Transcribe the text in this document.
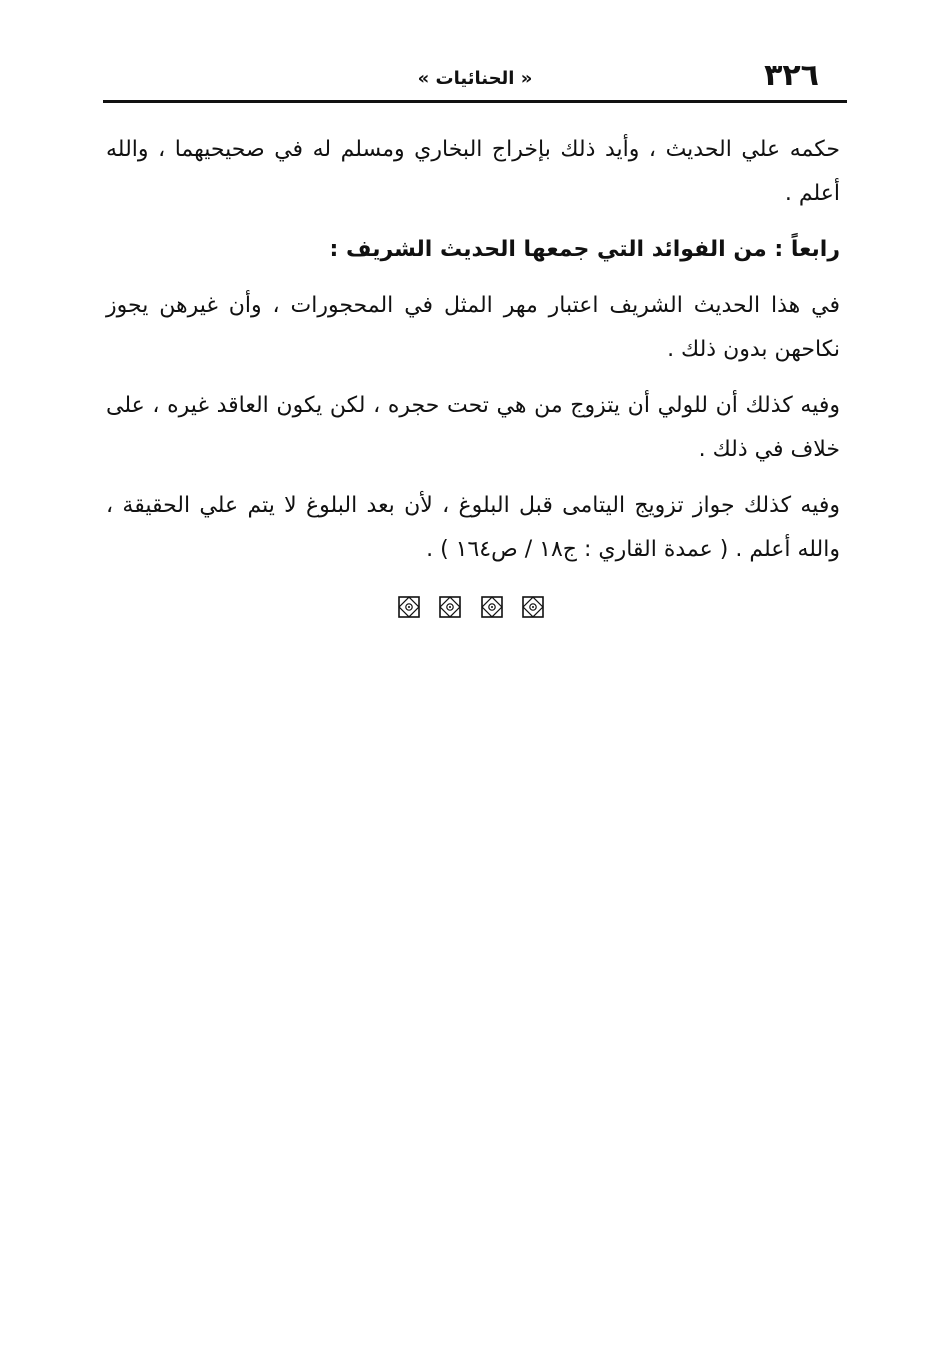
٣٢٦
« الحنائيات »

حكمه علي الحديث ، وأيد ذلك بإخراج البخاري ومسلم له في صحيحيهما ، والله أعلم .

رابعاً : من الفوائد التي جمعها الحديث الشريف :

في هذا الحديث الشريف اعتبار مهر المثل في المحجورات ، وأن غيرهن يجوز نكاحهن بدون ذلك .

وفيه كذلك أن للولي أن يتزوج من هي تحت حجره ، لكن يكون العاقد غيره ، على خلاف في ذلك .

وفيه كذلك جواز تزويج اليتامى قبل البلوغ ، لأن بعد البلوغ لا يتم علي الحقيقة ، والله أعلم . ( عمدة القاري : ج١٨ / ص١٦٤ ) .
